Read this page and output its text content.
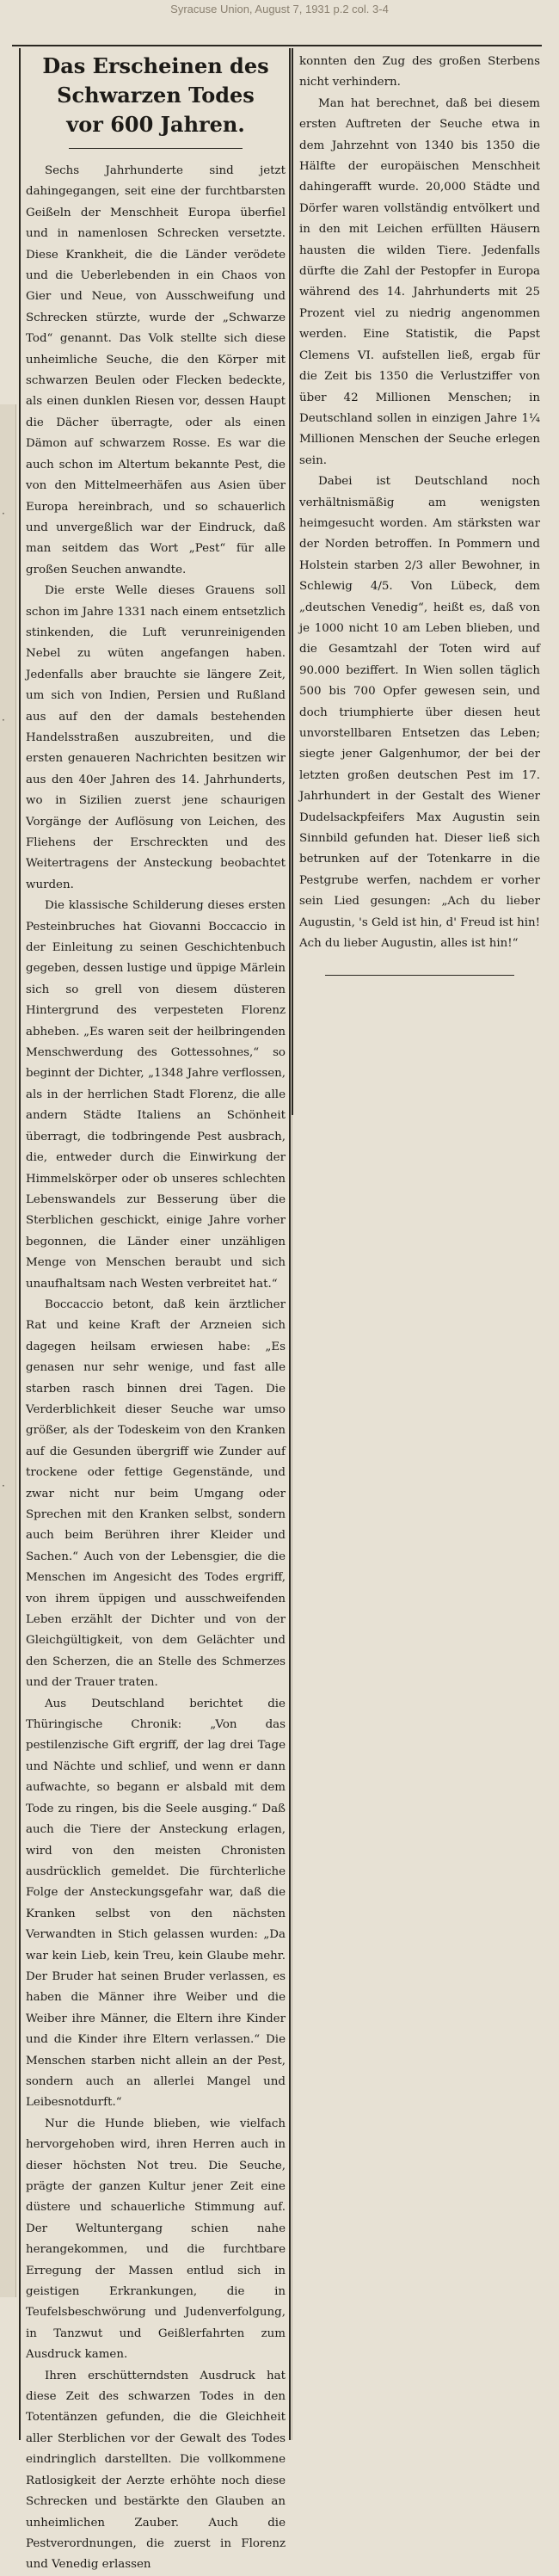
Syracuse Union, August 7, 1931 p.2 col. 3-4
·
·
·
Das Erscheinen des
Schwarzen Todes
vor 600 Jahren.

Sechs Jahrhunderte sind jetzt dahingegangen, seit eine der furchtbarsten Geißeln der Menschheit Europa überfiel und in namenlosen Schrecken versetzte. Diese Krankheit, die die Länder verödete und die Ueberlebenden in ein Chaos von Gier und Neue, von Ausschweifung und Schrecken stürzte, wurde der „Schwarze Tod“ genannt. Das Volk stellte sich diese unheimliche Seuche, die den Körper mit schwarzen Beulen oder Flecken bedeckte, als einen dunklen Riesen vor, dessen Haupt die Dächer überragte, oder als einen Dämon auf schwarzem Rosse. Es war die auch schon im Altertum bekannte Pest, die von den Mittelmeerhäfen aus Asien über Europa hereinbrach, und so schauerlich und unvergeßlich war der Eindruck, daß man seitdem das Wort „Pest“ für alle großen Seuchen anwandte.

Die erste Welle dieses Grauens soll schon im Jahre 1331 nach einem entsetzlich stinkenden, die Luft verunreinigenden Nebel zu wüten angefangen haben. Jedenfalls aber brauchte sie längere Zeit, um sich von Indien, Persien und Rußland aus auf den der damals bestehenden Handelsstraßen auszubreiten, und die ersten genaueren Nachrichten besitzen wir aus den 40er Jahren des 14. Jahrhunderts, wo in Sizilien zuerst jene schaurigen Vorgänge der Auflösung von Leichen, des Fliehens der Erschreckten und des Weitertragens der Ansteckung beobachtet wurden.

Die klassische Schilderung dieses ersten Pesteinbruches hat Giovanni Boccaccio in der Einleitung zu seinen Geschichtenbuch gegeben, dessen lustige und üppige Märlein sich so grell von diesem düsteren Hintergrund des verpesteten Florenz abheben. „Es waren seit der heilbringenden Menschwerdung des Gottessohnes,“ so beginnt der Dichter, „1348 Jahre verflossen, als in der herrlichen Stadt Florenz, die alle andern Städte Italiens an Schönheit überragt, die todbringende Pest ausbrach, die, entweder durch die Einwirkung der Himmelskörper oder ob unseres schlechten Lebenswandels zur Besserung über die Sterblichen geschickt, einige Jahre vorher begonnen, die Länder einer unzähligen Menge von Menschen beraubt und sich unaufhaltsam nach Westen verbreitet hat.“

Boccaccio betont, daß kein ärztlicher Rat und keine Kraft der Arzneien sich dagegen heilsam erwiesen habe: „Es genasen nur sehr wenige, und fast alle starben rasch binnen drei Tagen. Die Verderblichkeit dieser Seuche war umso größer, als der Todeskeim von den Kranken auf die Gesunden übergriff wie Zunder auf trockene oder fettige Gegenstände, und zwar nicht nur beim Umgang oder Sprechen mit den Kranken selbst, sondern auch beim Berühren ihrer Kleider und Sachen.“ Auch von der Lebensgier, die die Menschen im Angesicht des Todes ergriff, von ihrem üppigen und ausschweifenden Leben erzählt der Dichter und von der Gleichgültigkeit, von dem Gelächter und den Scherzen, die an Stelle des Schmerzes und der Trauer traten.

Aus Deutschland berichtet die Thüringische Chronik: „Von das pestilenzische Gift ergriff, der lag drei Tage und Nächte und schlief, und wenn er dann aufwachte, so begann er alsbald mit dem Tode zu ringen, bis die Seele ausging.“ Daß auch die Tiere der Ansteckung erlagen, wird von den meisten Chronisten ausdrücklich gemeldet. Die fürchterliche Folge der Ansteckungsgefahr war, daß die Kranken selbst von den nächsten Verwandten in Stich gelassen wurden: „Da war kein Lieb, kein Treu, kein Glaube mehr. Der Bruder hat seinen Bruder verlassen, es haben die Männer ihre Weiber und die Weiber ihre Männer, die Eltern ihre Kinder und die Kinder ihre Eltern verlassen.“ Die Menschen starben nicht allein an der Pest, sondern auch an allerlei Mangel und Leibesnotdurft.“

Nur die Hunde blieben, wie vielfach hervorgehoben wird, ihren Herren auch in dieser höchsten Not treu. Die Seuche, prägte der ganzen Kultur jener Zeit eine düstere und schauerliche Stimmung auf. Der Weltuntergang schien nahe herangekommen, und die furchtbare Erregung der Massen entlud sich in geistigen Erkrankungen, die in Teufelsbeschwörung und Judenverfolgung, in Tanzwut und Geißlerfahrten zum Ausdruck kamen.

Ihren erschütterndsten Ausdruck hat diese Zeit des schwarzen Todes in den Totentänzen gefunden, die die Gleichheit aller Sterblichen vor der Gewalt des Todes eindringlich darstellten. Die vollkommene Ratlosigkeit der Aerzte erhöhte noch diese Schrecken und bestärkte den Glauben an unheimlichen Zauber. Auch die Pestverordnungen, die zuerst in Florenz und Venedig erlassen

konnten den Zug des großen Sterbens nicht verhindern.

Man hat berechnet, daß bei diesem ersten Auftreten der Seuche etwa in dem Jahrzehnt von 1340 bis 1350 die Hälfte der europäischen Menschheit dahingerafft wurde. 20,000 Städte und Dörfer waren vollständig entvölkert und in den mit Leichen erfüllten Häusern hausten die wilden Tiere. Jedenfalls dürfte die Zahl der Pestopfer in Europa während des 14. Jahrhunderts mit 25 Prozent viel zu niedrig angenommen werden. Eine Statistik, die Papst Clemens VI. aufstellen ließ, ergab für die Zeit bis 1350 die Verlustziffer von über 42 Millionen Menschen; in Deutschland sollen in einzigen Jahre 1¼ Millionen Menschen der Seuche erlegen sein.

Dabei ist Deutschland noch verhältnismäßig am wenigsten heimgesucht worden. Am stärksten war der Norden betroffen. In Pommern und Holstein starben 2/3 aller Bewohner, in Schlewig 4/5. Von Lübeck, dem „deutschen Venedig“, heißt es, daß von je 1000 nicht 10 am Leben blieben, und die Gesamtzahl der Toten wird auf 90.000 beziffert. In Wien sollen täglich 500 bis 700 Opfer gewesen sein, und doch triumphierte über diesen heut unvorstellbaren Entsetzen das Leben; siegte jener Galgenhumor, der bei der letzten großen deutschen Pest im 17. Jahrhundert in der Gestalt des Wiener Dudelsackpfeifers Max Augustin sein Sinnbild gefunden hat. Dieser ließ sich betrunken auf der Totenkarre in die Pestgrube werfen, nachdem er vorher sein Lied gesungen: „Ach du lieber Augustin, 's Geld ist hin, d' Freud ist hin! Ach du lieber Augustin, alles ist hin!“
